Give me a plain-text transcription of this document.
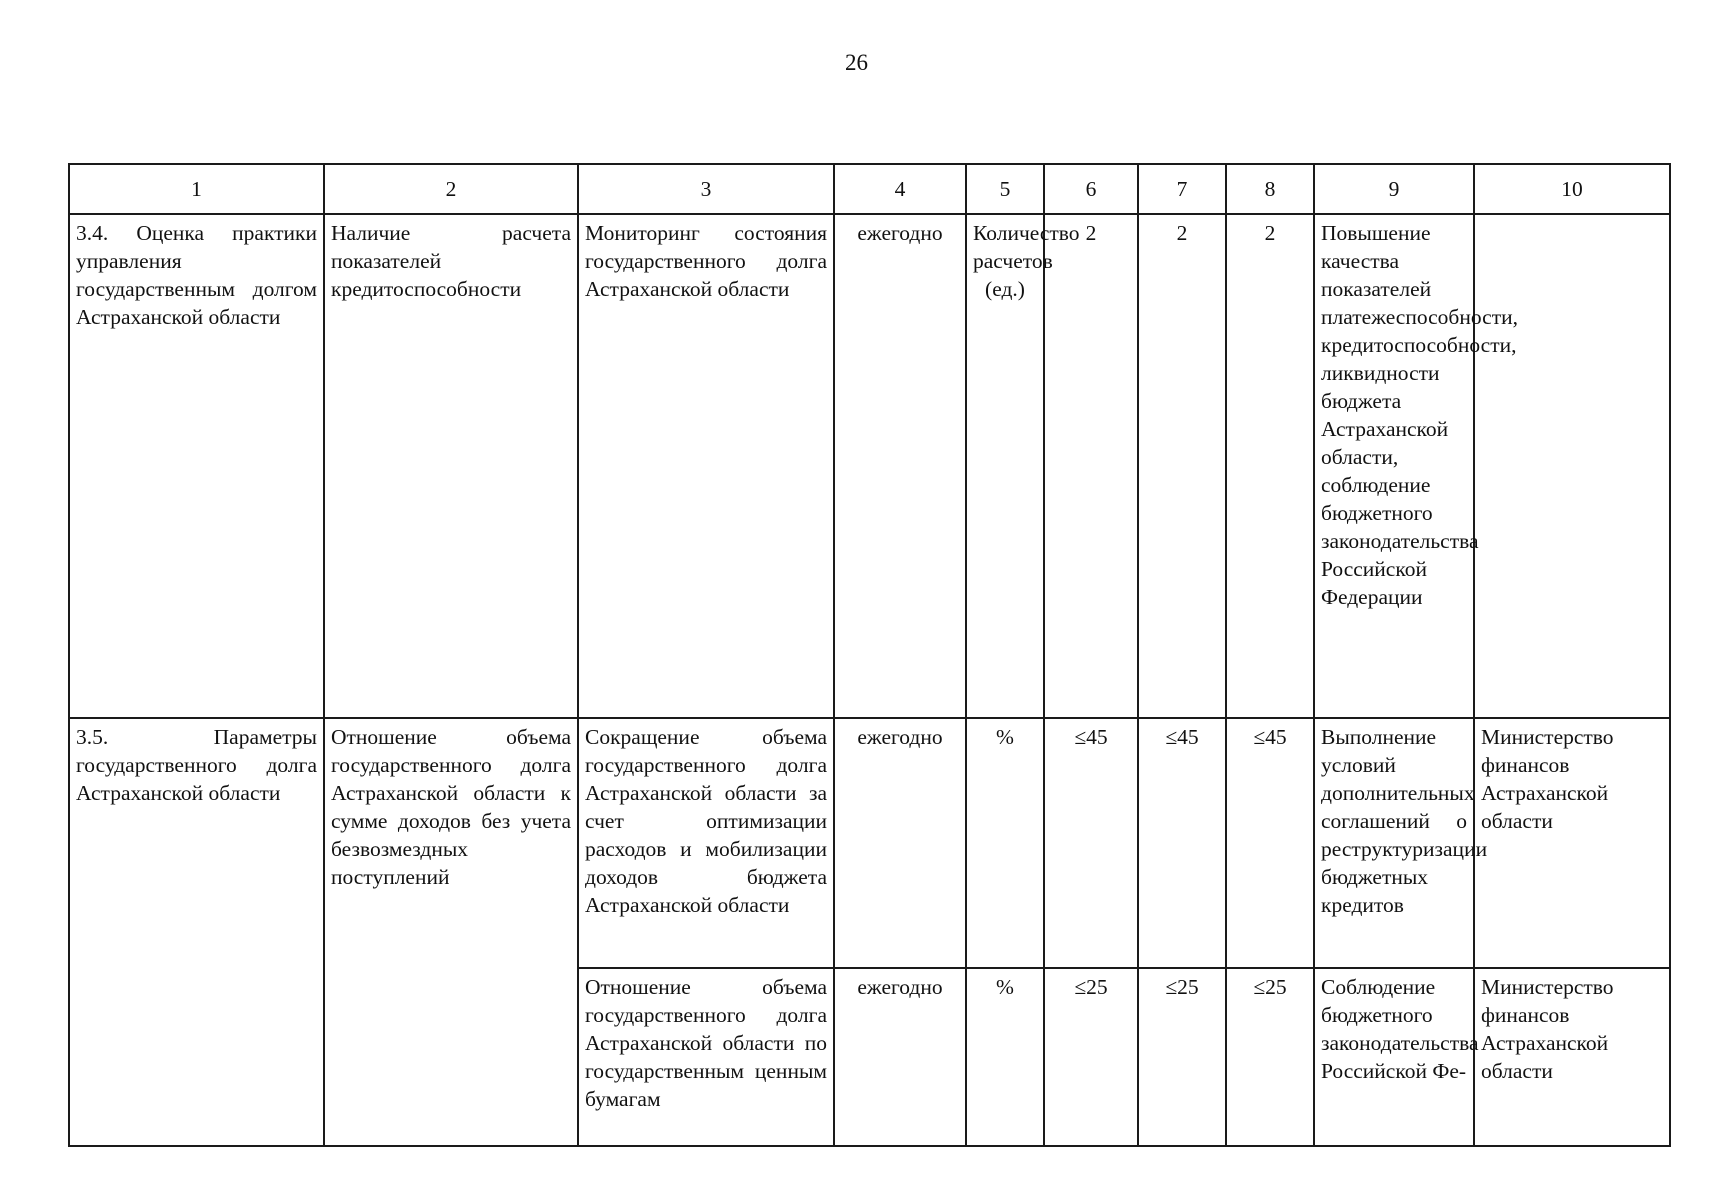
26
1	2	3	4	5	6	7	8	9	10
3.4. Оценка практики управления государственным долгом Астраханской области	Наличие расчета показателей кредитоспособности	Мониторинг состояния государственного долга Астраханской области	ежегодно	Количество расчетов (ед.)	2	2	2	Повышение качества показателей платежеспособности, кредитоспособности, ликвидности бюджета Астраханской области, соблюдение бюджетного законодательства Российской Федерации	
3.5. Параметры государственного долга Астраханской области	Отношение объема государственного долга Астраханской области к сумме доходов без учета безвозмездных поступлений	Сокращение объема государственного долга Астраханской области за счет оптимизации расходов и мобилизации доходов бюджета Астраханской области	ежегодно	%	≤45	≤45	≤45	Выполнение условий дополнительных соглашений о реструктуризации бюджетных кредитов	Министерство финансов Астраханской области
		Отношение объема государственного долга Астраханской области по государственным ценным бумагам	ежегодно	%	≤25	≤25	≤25	Соблюдение бюджетного законодательства Российской Фе-	Министерство финансов Астраханской области
